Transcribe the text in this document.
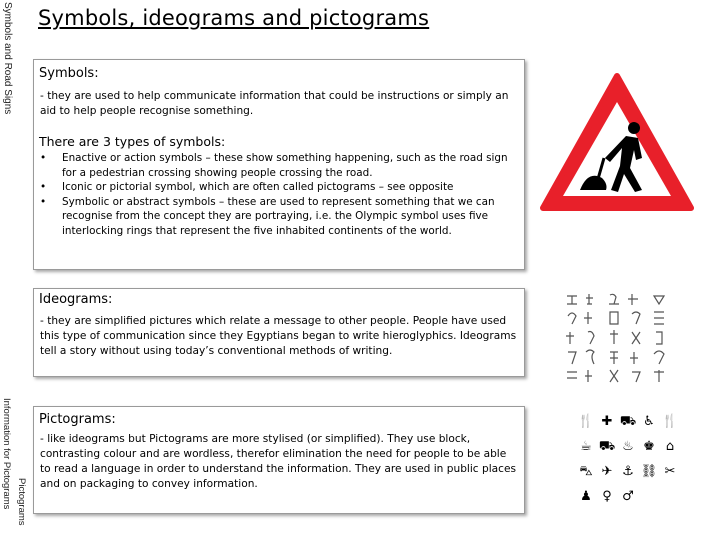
Symbols and Road Signs
Information for Pictograms Pictograms
Symbols, ideograms and pictograms
Symbols:
- they are used to help communicate information that could be instructions or simply an aid to help people recognise something.
There are 3 types of symbols:
• Enactive or action symbols – these show something happening, such as the road sign for a pedestrian crossing showing people crossing the road.
• Iconic or pictorial symbol, which are often called pictograms – see opposite
• Symbolic or abstract symbols – these are used to represent something that we can recognise from the concept they are portraying, i.e. the Olympic symbol uses five interlocking rings that represent the five inhabited continents of the world.
Ideograms:
- they are simplified pictures which relate a message to other people. People have used this type of communication since they Egyptians began to write hieroglyphics. Ideograms tell a story without using today’s conventional methods of writing.
Pictograms:
- like ideograms but Pictograms are more stylised (or simplified). They use block, contrasting colour and are wordless, therefor elimination the need for people to be able to read a language in order to understand the information. They are used in public places and on packaging to convey information.
🍴 ✚ ⛟ ♿ 🍴
☕ ⛟ ♨ ♚ ⌂
⛍ ✈ ⚓ ⛓ ✂
♟ ♀ ♂
